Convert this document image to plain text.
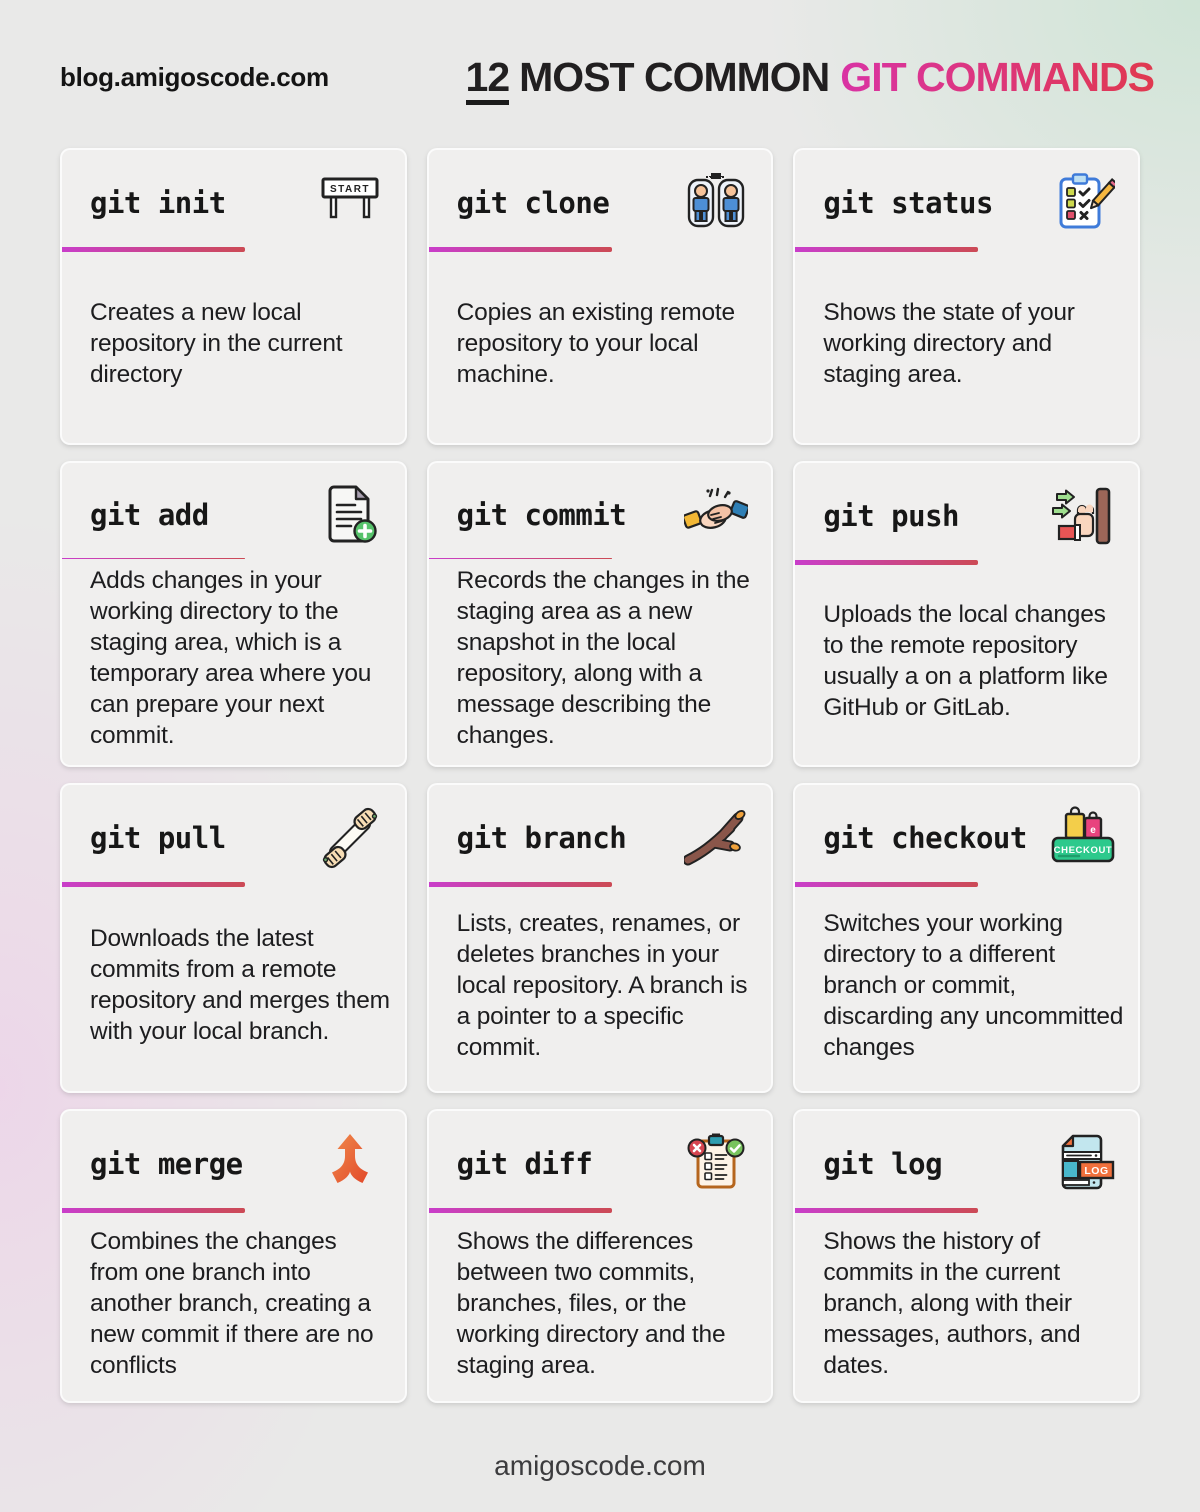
blog.amigoscode.com	12 MOST COMMON GIT COMMANDS
git init	START

Creates a new local repository in the current directory

git clone

Copies an existing remote repository to your local machine.

git status

Shows the state of your working directory and staging area.

git add

Adds changes in your working directory to the staging area, which is a temporary area where you can prepare your next commit.

git commit

Records the changes in the staging area as a new snapshot in the local repository, along with a message describing the changes.

git push

Uploads the local changes to the remote repository usually a on a platform like GitHub or GitLab.

git pull

Downloads the latest commits from a remote repository and merges them with your local branch.

git branch

Lists, creates, renames, or deletes branches in your local repository. A branch is a pointer to a specific commit.

git checkout	e
CHECKOUT

Switches your working directory to a different branch or commit, discarding any uncommitted changes

git merge

Combines the changes from one branch into another branch, creating a new commit if there are no conflicts

git diff

Shows the differences between two commits, branches, files, or the working directory and the staging area.

git log	LOG

Shows the history of commits in the current branch, along with their messages, authors, and dates.

amigoscode.com
